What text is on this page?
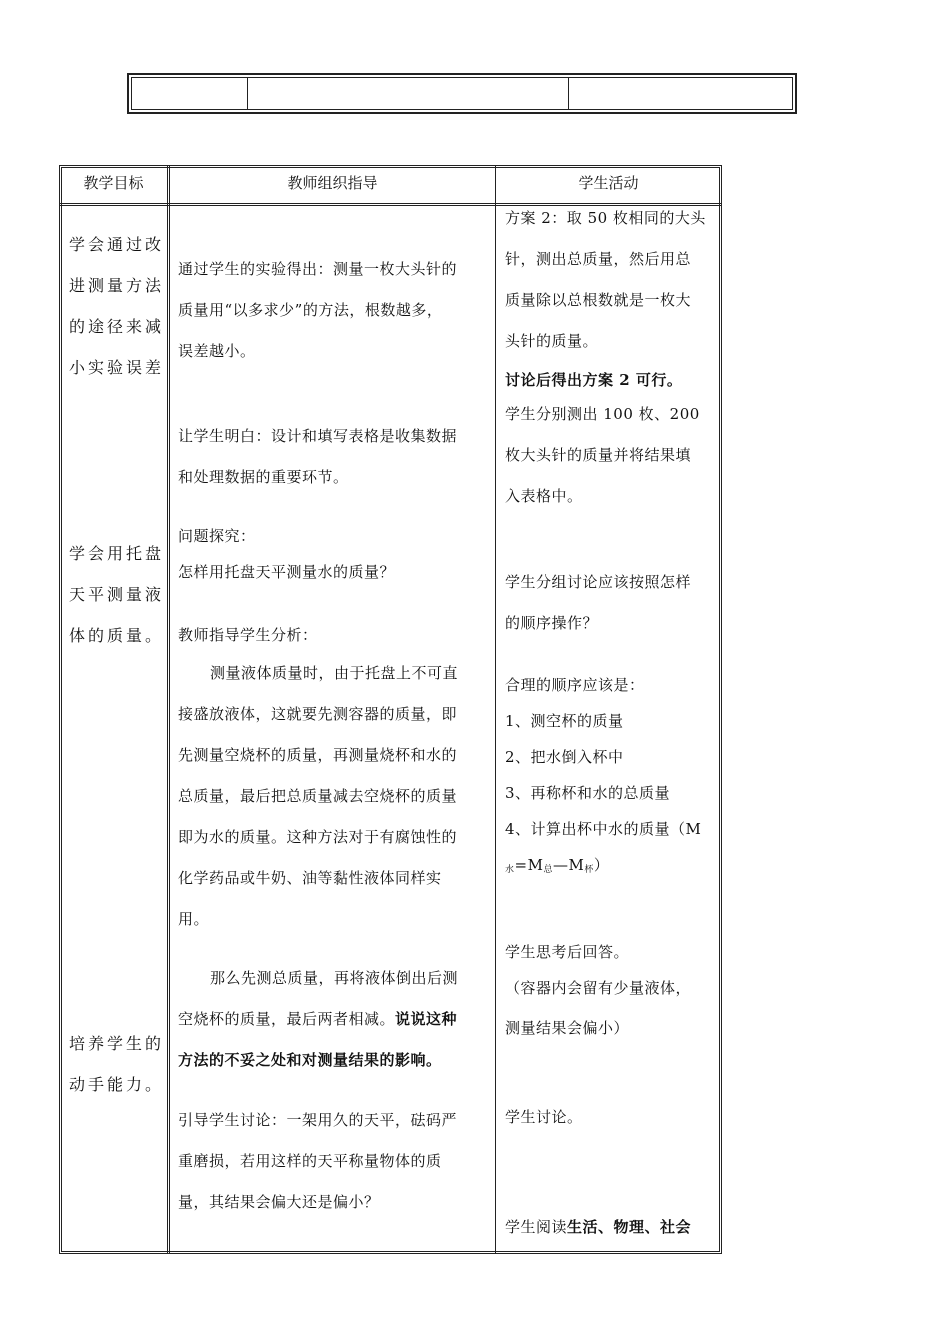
教学目标	教师组织指导	学生活动

学会通过改

进测量方法

的途径来减

小实验误差

学会用托盘

天平测量液

体的质量。

培养学生的

动手能力。

通过学生的实验得出：测量一枚大头针的

质量用“以多求少”的方法，根数越多，

误差越小。

让学生明白：设计和填写表格是收集数据

和处理数据的重要环节。

问题探究：

怎样用托盘天平测量水的质量？

教师指导学生分析：

测量液体质量时，由于托盘上不可直

接盛放液体，这就要先测容器的质量，即

先测量空烧杯的质量，再测量烧杯和水的

总质量，最后把总质量减去空烧杯的质量

即为水的质量。这种方法对于有腐蚀性的

化学药品或牛奶、油等黏性液体同样实

用。

那么先测总质量，再将液体倒出后测

空烧杯的质量，最后两者相减。说说这种

方法的不妥之处和对测量结果的影响。

引导学生讨论：一架用久的天平，砝码严

重磨损，若用这样的天平称量物体的质

量，其结果会偏大还是偏小？

方案 2：取 50 枚相同的大头

针，测出总质量，然后用总

质量除以总根数就是一枚大

头针的质量。

讨论后得出方案 2 可行。

学生分别测出 100 枚、200

枚大头针的质量并将结果填

入表格中。

学生分组讨论应该按照怎样

的顺序操作？

合理的顺序应该是：

1、测空杯的质量

2、把水倒入杯中

3、再称杯和水的总质量

4、计算出杯中水的质量（M

$_水=M_总—M_杯$）

学生思考后回答。

（容器内会留有少量液体，

测量结果会偏小）

学生讨论。
学生阅读生活、物理、社会
